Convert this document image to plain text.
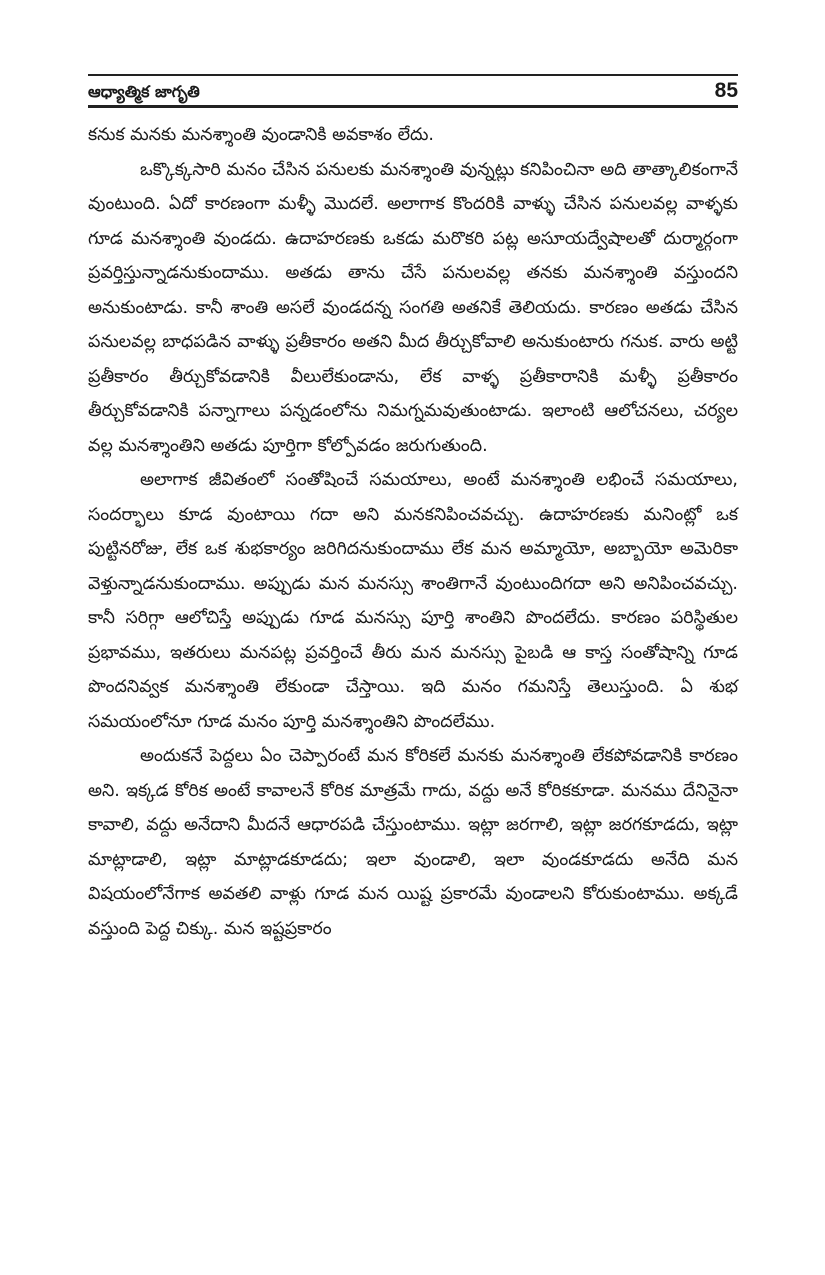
ఆధ్యాత్మిక జాగృతి	85

కనుక మనకు మనశ్శాంతి వుండానికి అవకాశం లేదు.

ఒక్కొక్కసారి మనం చేసిన పనులకు మనశ్శాంతి వున్నట్లు కనిపించినా అది తాత్కాలికంగానే వుంటుంది. ఏదో కారణంగా మళ్ళీ మొదలే. అలాగాక కొందరికి వాళ్ళు చేసిన పనులవల్ల వాళ్ళకు గూడ మనశ్శాంతి వుండదు. ఉదాహరణకు ఒకడు మరొకరి పట్ల అసూయద్వేషాలతో దుర్మార్గంగా ప్రవర్తిస్తున్నాడనుకుందాము. అతడు తాను చేసే పనులవల్ల తనకు మనశ్శాంతి వస్తుందని అనుకుంటాడు. కానీ శాంతి అసలే వుండదన్న సంగతి అతనికే తెలియదు. కారణం అతడు చేసిన పనులవల్ల బాధపడిన వాళ్ళు ప్రతీకారం అతని మీద తీర్చుకోవాలి అనుకుంటారు గనుక. వారు అట్టి ప్రతీకారం తీర్చుకోవడానికి వీలులేకుండాను, లేక వాళ్ళ ప్రతీకారానికి మళ్ళీ ప్రతీకారం తీర్చుకోవడానికి పన్నాగాలు పన్నడంలోను నిమగ్నమవుతుంటాడు. ఇలాంటి ఆలోచనలు, చర్యల వల్ల మనశ్శాంతిని అతడు పూర్తిగా కోల్పోవడం జరుగుతుంది.

అలాగాక జీవితంలో సంతోషించే సమయాలు, అంటే మనశ్శాంతి లభించే సమయాలు, సందర్భాలు కూడ వుంటాయి గదా అని మనకనిపించవచ్చు. ఉదాహరణకు మనింట్లో ఒక పుట్టినరోజు, లేక ఒక శుభకార్యం జరిగిదనుకుందాము లేక మన అమ్మాయో, అబ్బాయో అమెరికా వెళ్తున్నాడనుకుందాము. అప్పుడు మన మనస్సు శాంతిగానే వుంటుందిగదా అని అనిపించవచ్చు. కానీ సరిగ్గా ఆలోచిస్తే అప్పుడు గూడ మనస్సు పూర్తి శాంతిని పొందలేదు. కారణం పరిస్థితుల ప్రభావము, ఇతరులు మనపట్ల ప్రవర్తించే తీరు మన మనస్సు పైబడి ఆ కాస్త సంతోషాన్ని గూడ పొందనివ్వక మనశ్శాంతి లేకుండా చేస్తాయి. ఇది మనం గమనిస్తే తెలుస్తుంది. ఏ శుభ సమయంలోనూ గూడ మనం పూర్తి మనశ్శాంతిని పొందలేము.

అందుకనే పెద్దలు ఏం చెప్పారంటే మన కోరికలే మనకు మనశ్శాంతి లేకపోవడానికి కారణం అని. ఇక్కడ కోరిక అంటే కావాలనే కోరిక మాత్రమే గాదు, వద్దు అనే కోరికకూడా. మనము దేనినైనా కావాలి, వద్దు అనేదాని మీదనే ఆధారపడి చేస్తుంటాము. ఇట్లా జరగాలి, ఇట్లా జరగకూడదు, ఇట్లా మాట్లాడాలి, ఇట్లా మాట్లాడకూడదు; ఇలా వుండాలి, ఇలా వుండకూడదు అనేది మన విషయంలోనేగాక అవతలి వాళ్లు గూడ మన యిష్ట ప్రకారమే వుండాలని కోరుకుంటాము. అక్కడే వస్తుంది పెద్ద చిక్కు. మన ఇష్టప్రకారం
